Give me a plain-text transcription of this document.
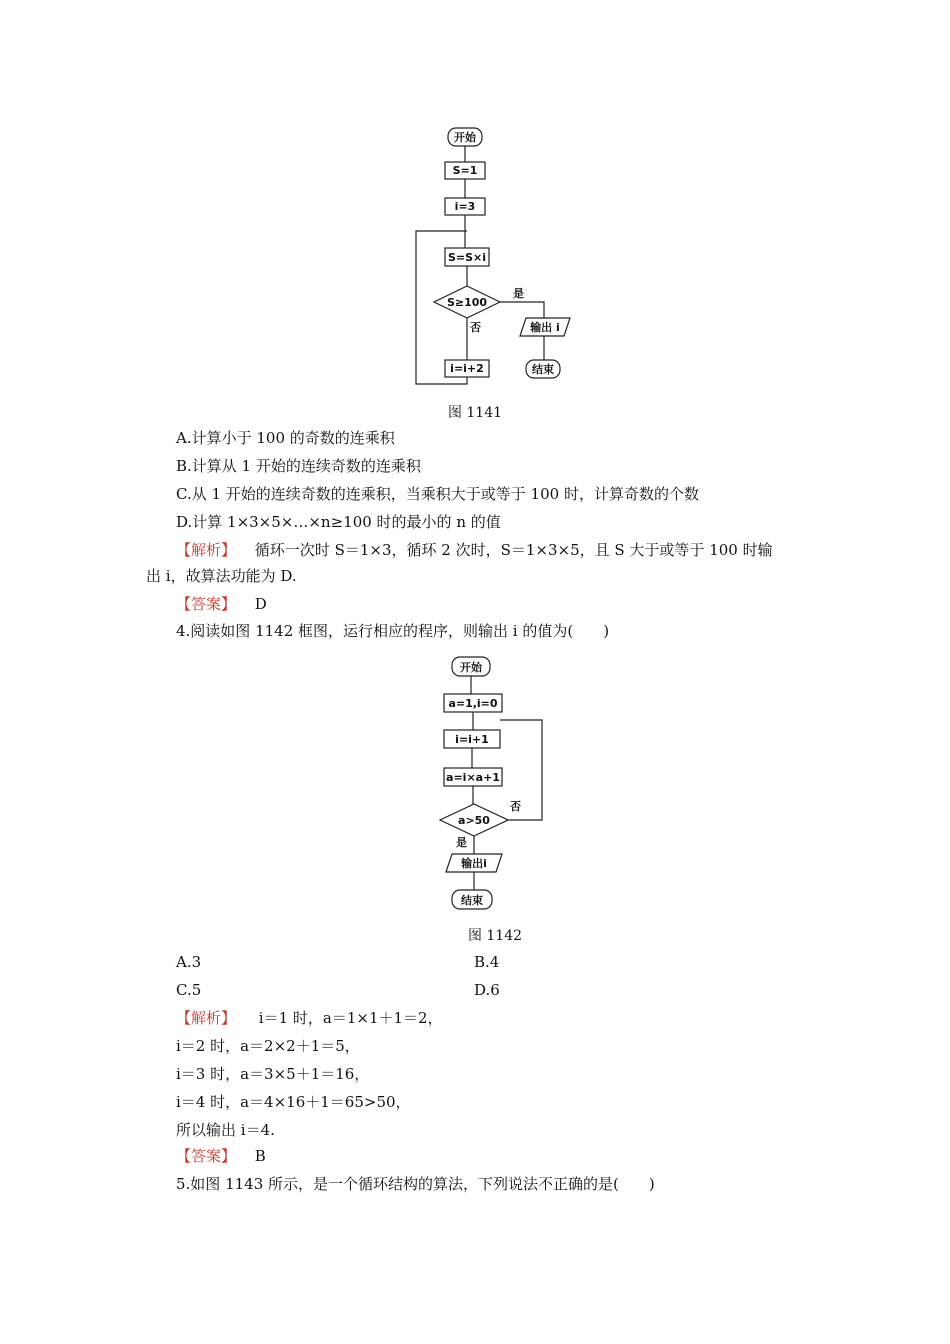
开始
S=1
i=3
S=S×i
S≥100
是
否	输出 i
i=i+2	结束
图 1141
A.计算小于 100 的奇数的连乘积
B.计算从 1 开始的连续奇数的连乘积
C.从 1 开始的连续奇数的连乘积，当乘积大于或等于 100 时，计算奇数的个数
D.计算 1×3×5×…×n≥100 时的最小的 n 的值
【解析】 循环一次时 S＝1×3，循环 2 次时，S＝1×3×5，且 S 大于或等于 100 时输
出 i，故算法功能为 D.
【答案】 D
4.阅读如图 1142 框图，运行相应的程序，则输出 i 的值为(　　)
开始
a=1,i=0
i=i+1
a=i×a+1
a>50
否
是
输出i
结束
图 1142
A.3	B.4
C.5	D.6
【解析】 i＝1 时，a＝1×1＋1＝2，
i＝2 时，a＝2×2＋1＝5，
i＝3 时，a＝3×5＋1＝16，
i＝4 时，a＝4×16＋1＝65>50，
所以输出 i＝4.
【答案】 B
5.如图 1143 所示，是一个循环结构的算法，下列说法不正确的是(　　)
